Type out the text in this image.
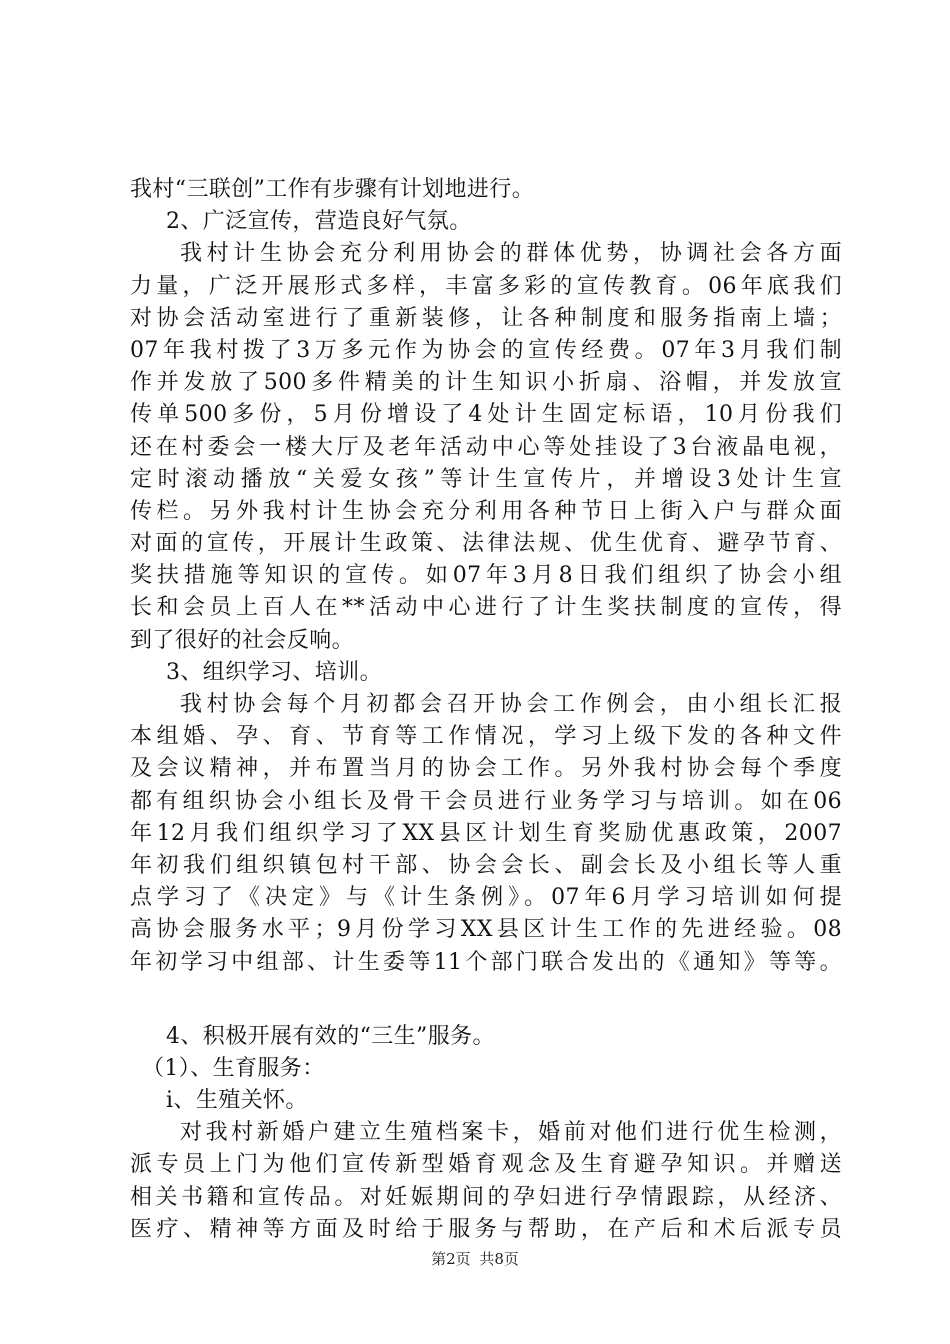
我村“三联创”工作有步骤有计划地进行。
2、广泛宣传，营造良好气氛。
我村计生协会充分利用协会的群体优势，协调社会各方面
力量，广泛开展形式多样，丰富多彩的宣传教育。06年底我们
对协会活动室进行了重新装修，让各种制度和服务指南上墙；
07年我村拨了3万多元作为协会的宣传经费。07年3月我们制
作并发放了500多件精美的计生知识小折扇、浴帽，并发放宣
传单500多份，5月份增设了4处计生固定标语，10月份我们
还在村委会一楼大厅及老年活动中心等处挂设了3台液晶电视，
定时滚动播放“关爱女孩”等计生宣传片，并增设3处计生宣
传栏。另外我村计生协会充分利用各种节日上街入户与群众面
对面的宣传，开展计生政策、法律法规、优生优育、避孕节育、
奖扶措施等知识的宣传。如07年3月8日我们组织了协会小组
长和会员上百人在**活动中心进行了计生奖扶制度的宣传，得
到了很好的社会反响。
3、组织学习、培训。
我村协会每个月初都会召开协会工作例会，由小组长汇报
本组婚、孕、育、节育等工作情况，学习上级下发的各种文件
及会议精神，并布置当月的协会工作。另外我村协会每个季度
都有组织协会小组长及骨干会员进行业务学习与培训。如在06
年12月我们组织学习了XX县区计划生育奖励优惠政策，2007
年初我们组织镇包村干部、协会会长、副会长及小组长等人重
点学习了《决定》与《计生条例》。07年6月学习培训如何提
高协会服务水平；9月份学习XX县区计生工作的先进经验。08
年初学习中组部、计生委等11个部门联合发出的《通知》等等。
4、积极开展有效的“三生”服务。
（1）、生育服务：
i、生殖关怀。
对我村新婚户建立生殖档案卡，婚前对他们进行优生检测，
派专员上门为他们宣传新型婚育观念及生育避孕知识。并赠送
相关书籍和宣传品。对妊娠期间的孕妇进行孕情跟踪，从经济、
医疗、精神等方面及时给于服务与帮助，在产后和术后派专员
第2页 共8页
